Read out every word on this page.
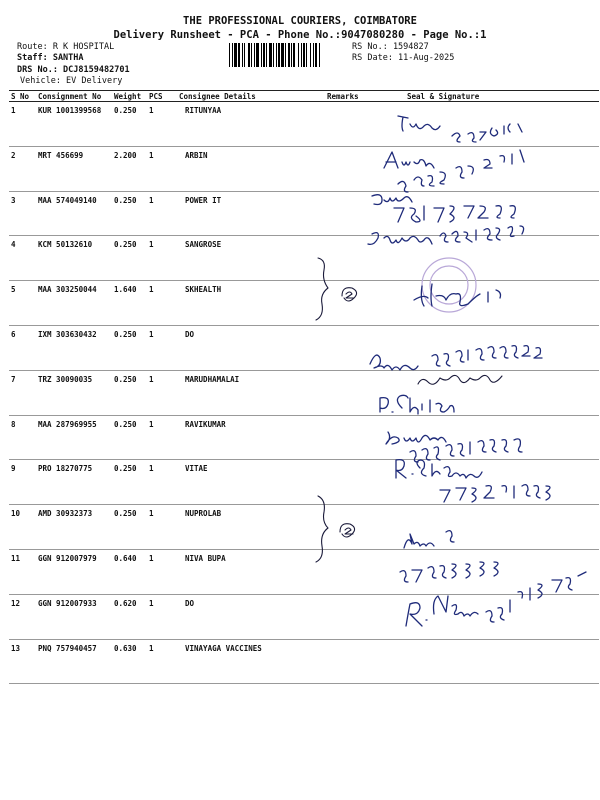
THE PROFESSIONAL COURIERS, COIMBATORE
Delivery Runsheet - PCA - Phone No.:9047080280 - Page No.:1
Route: R K HOSPITAL
Staff: SANTHA
DRS No.: DCJ8159482701
Vehicle: EV Delivery
RS No.: 1594827
RS Date: 11-Aug-2025
S No	Consignment No	Weight	PCS	Consignee Details	Remarks	Seal & Signature
1	KUR 1001399568	0.250	1	RITUNYAA		
2	MRT 456699	2.200	1	ARBIN		
3	MAA 574049140	0.250	1	POWER IT		
4	KCM 50132610	0.250	1	SANGROSE		
5	MAA 303250044	1.640	1	SKHEALTH		
6	IXM 303630432	0.250	1	DO		
7	TRZ 30090035	0.250	1	MARUDHAMALAI		
8	MAA 287969955	0.250	1	RAVIKUMAR		
9	PRO 18270775	0.250	1	VITAE		
10	AMD 30932373	0.250	1	NUPROLAB		
11	GGN 912007979	0.640	1	NIVA BUPA		
12	GGN 912007933	0.620	1	DO		
13	PNQ 757940457	0.630	1	VINAYAGA VACCINES		
